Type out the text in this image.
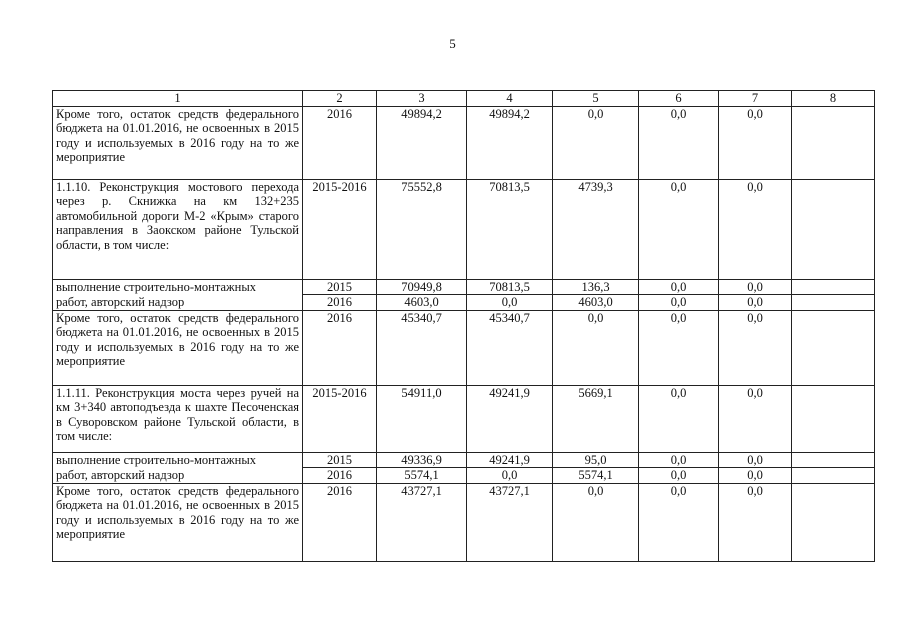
5
1	2	3	4	5	6	7	8
Кроме того, остаток средств федерального бюджета на 01.01.2016, не освоенных в 2015 году и используемых в 2016 году на то же мероприятие	2016	49894,2	49894,2	0,0	0,0	0,0	
1.1.10. Реконструкция мостового перехода через р. Скнижка на км 132+235 автомобильной дороги М-2 «Крым» старого направления в Заокском районе Тульской области, в том числе:	2015-2016	75552,8	70813,5	4739,3	0,0	0,0	
выполнение строительно-монтажных	2015	70949,8	70813,5	136,3	0,0	0,0	
работ, авторский надзор	2016	4603,0	0,0	4603,0	0,0	0,0	
Кроме того, остаток средств федерального бюджета на 01.01.2016, не освоенных в 2015 году и используемых в 2016 году на то же мероприятие	2016	45340,7	45340,7	0,0	0,0	0,0	
1.1.11. Реконструкция моста через ручей на км 3+340 автоподъезда к шахте Песоченская в Суворовском районе Тульской области, в том числе:	2015-2016	54911,0	49241,9	5669,1	0,0	0,0	
выполнение строительно-монтажных	2015	49336,9	49241,9	95,0	0,0	0,0	
работ, авторский надзор	2016	5574,1	0,0	5574,1	0,0	0,0	
Кроме того, остаток средств федерального бюджета на 01.01.2016, не освоенных в 2015 году и используемых в 2016 году на то же мероприятие	2016	43727,1	43727,1	0,0	0,0	0,0	
